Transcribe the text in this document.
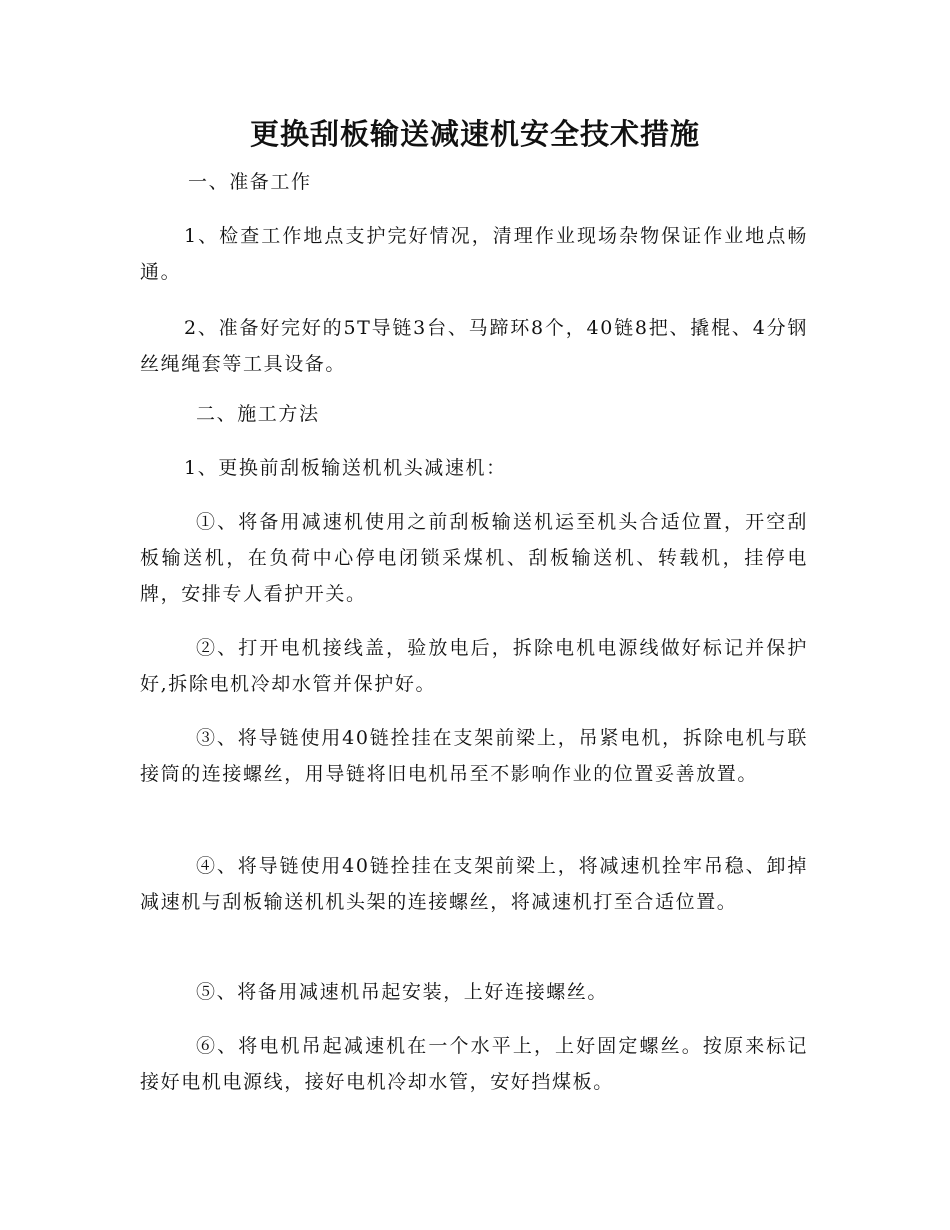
更换刮板输送减速机安全技术措施

一、准备工作

1、检查工作地点支护完好情况，清理作业现场杂物保证作业地点畅通。

2、准备好完好的5T导链3台、马蹄环8个，40链8把、撬棍、4分钢丝绳绳套等工具设备。

二、施工方法

1、更换前刮板输送机机头减速机：

①、将备用减速机使用之前刮板输送机运至机头合适位置，开空刮板输送机，在负荷中心停电闭锁采煤机、刮板输送机、转载机，挂停电牌，安排专人看护开关。

②、打开电机接线盖，验放电后，拆除电机电源线做好标记并保护好,拆除电机冷却水管并保护好。

③、将导链使用40链拴挂在支架前梁上，吊紧电机，拆除电机与联接筒的连接螺丝，用导链将旧电机吊至不影响作业的位置妥善放置。

④、将导链使用40链拴挂在支架前梁上，将减速机拴牢吊稳、卸掉减速机与刮板输送机机头架的连接螺丝，将减速机打至合适位置。

⑤、将备用减速机吊起安装，上好连接螺丝。

⑥、将电机吊起减速机在一个水平上，上好固定螺丝。按原来标记接好电机电源线，接好电机冷却水管，安好挡煤板。
